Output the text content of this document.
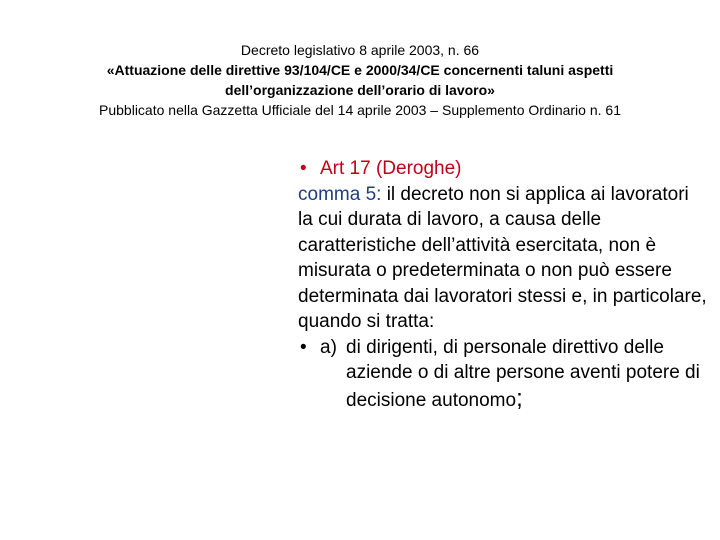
Decreto legislativo 8 aprile 2003, n. 66
«Attuazione delle direttive 93/104/CE e 2000/34/CE concernenti taluni aspetti
dell’organizzazione dell’orario di lavoro»
Pubblicato nella Gazzetta Ufficiale del 14 aprile 2003 – Supplemento Ordinario n. 61
• Art 17 (Deroghe)
comma 5: il decreto non si applica ai lavoratori la cui durata di lavoro, a causa delle caratteristiche dell’attività esercitata, non è misurata o predeterminata o non può essere determinata dai lavoratori stessi e, in particolare, quando si tratta:
• a) di dirigenti, di personale direttivo delle aziende o di altre persone aventi potere di decisione autonomo;
